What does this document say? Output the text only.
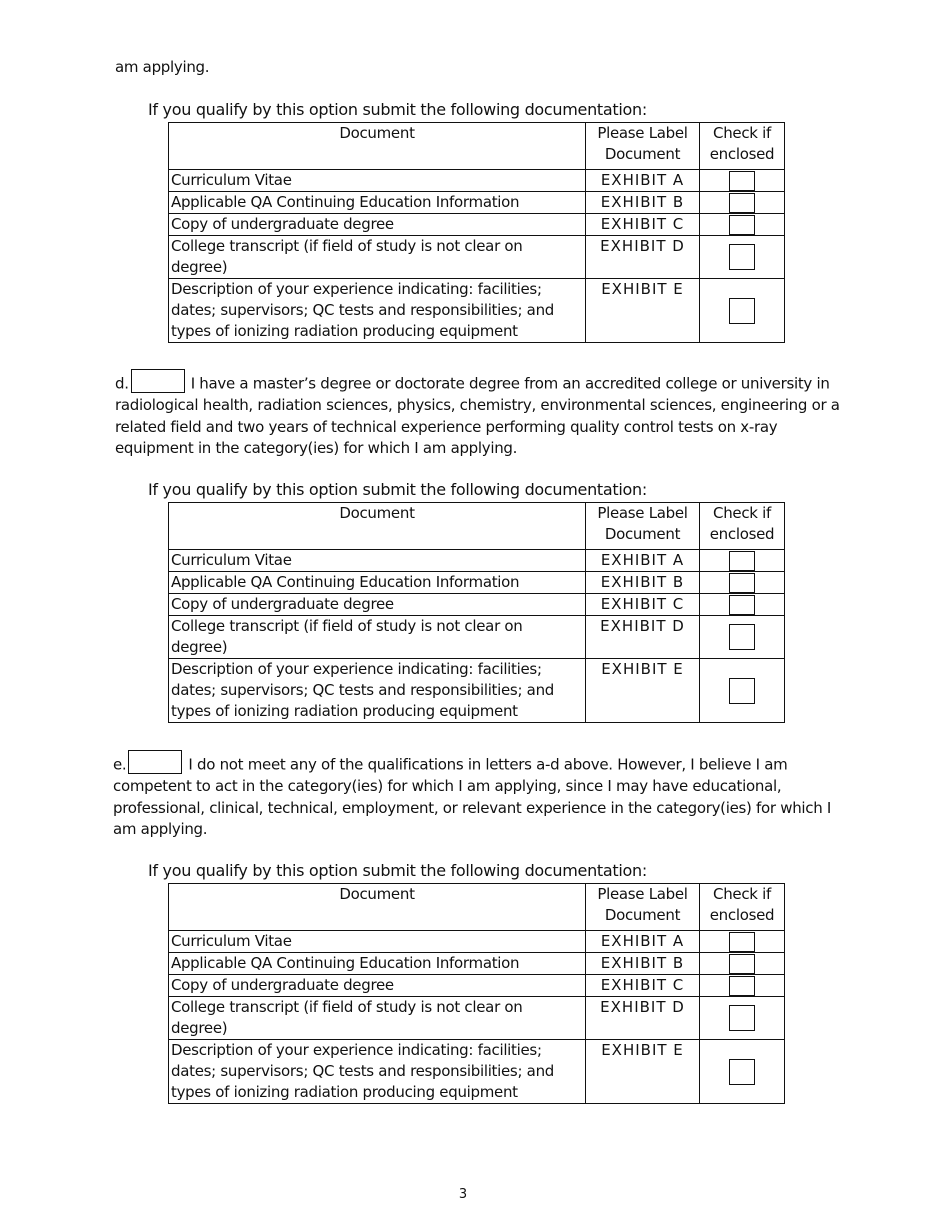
am applying.
If you qualify by this option submit the following documentation:
Document	Please Label Document	Check if enclosed
Curriculum Vitae	EXHIBIT A	
Applicable QA Continuing Education Information	EXHIBIT B	
Copy of undergraduate degree	EXHIBIT C	
College transcript (if field of study is not clear on degree)	EXHIBIT D	
Description of your experience indicating: facilities; dates; supervisors; QC tests and responsibilities; and types of ionizing radiation producing equipment	EXHIBIT E	
d.	I have a master’s degree or doctorate degree from an accredited college or university in radiological health, radiation sciences, physics, chemistry, environmental sciences, engineering or a related field and two years of technical experience performing quality control tests on x-ray equipment in the category(ies) for which I am applying.
If you qualify by this option submit the following documentation:
Document	Please Label Document	Check if enclosed
Curriculum Vitae	EXHIBIT A	
Applicable QA Continuing Education Information	EXHIBIT B	
Copy of undergraduate degree	EXHIBIT C	
College transcript (if field of study is not clear on degree)	EXHIBIT D	
Description of your experience indicating: facilities; dates; supervisors; QC tests and responsibilities; and types of ionizing radiation producing equipment	EXHIBIT E	
e.	I do not meet any of the qualifications in letters a-d above. However, I believe I am competent to act in the category(ies) for which I am applying, since I may have educational, professional, clinical, technical, employment, or relevant experience in the category(ies) for which I am applying.
If you qualify by this option submit the following documentation:
Document	Please Label Document	Check if enclosed
Curriculum Vitae	EXHIBIT A	
Applicable QA Continuing Education Information	EXHIBIT B	
Copy of undergraduate degree	EXHIBIT C	
College transcript (if field of study is not clear on degree)	EXHIBIT D	
Description of your experience indicating: facilities; dates; supervisors; QC tests and responsibilities; and types of ionizing radiation producing equipment	EXHIBIT E	
3
